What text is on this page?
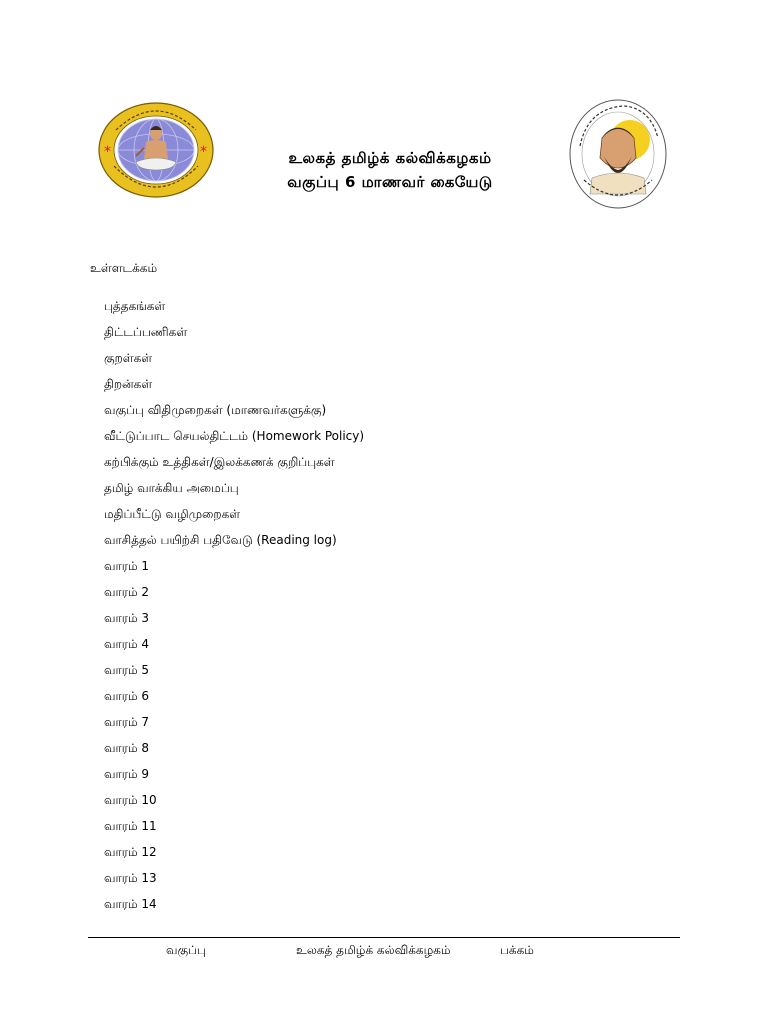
*	*	உலகத் தமிழ்க் கல்விக்கழகம்
வகுப்பு 6 மாணவர் கையேடு
உள்ளடக்கம்
புத்தகங்கள்
திட்டப்பணிகள்
குறள்கள்
திறன்கள்
வகுப்பு விதிமுறைகள் (மாணவர்களுக்கு)
வீட்டுப்பாட செயல்திட்டம் (Homework Policy)
கற்பிக்கும் உத்திகள்/இலக்கணக் குறிப்புகள்
தமிழ் வாக்கிய அமைப்பு
மதிப்பீட்டு வழிமுறைகள்
வாசித்தல் பயிற்சி பதிவேடு (Reading log)
வாரம் 1
வாரம் 2
வாரம் 3
வாரம் 4
வாரம் 5
வாரம் 6
வாரம் 7
வாரம் 8
வாரம் 9
வாரம் 10
வாரம் 11
வாரம் 12
வாரம் 13
வாரம் 14
வகுப்பு	உலகத் தமிழ்க் கல்விக்கழகம்	பக்கம்
